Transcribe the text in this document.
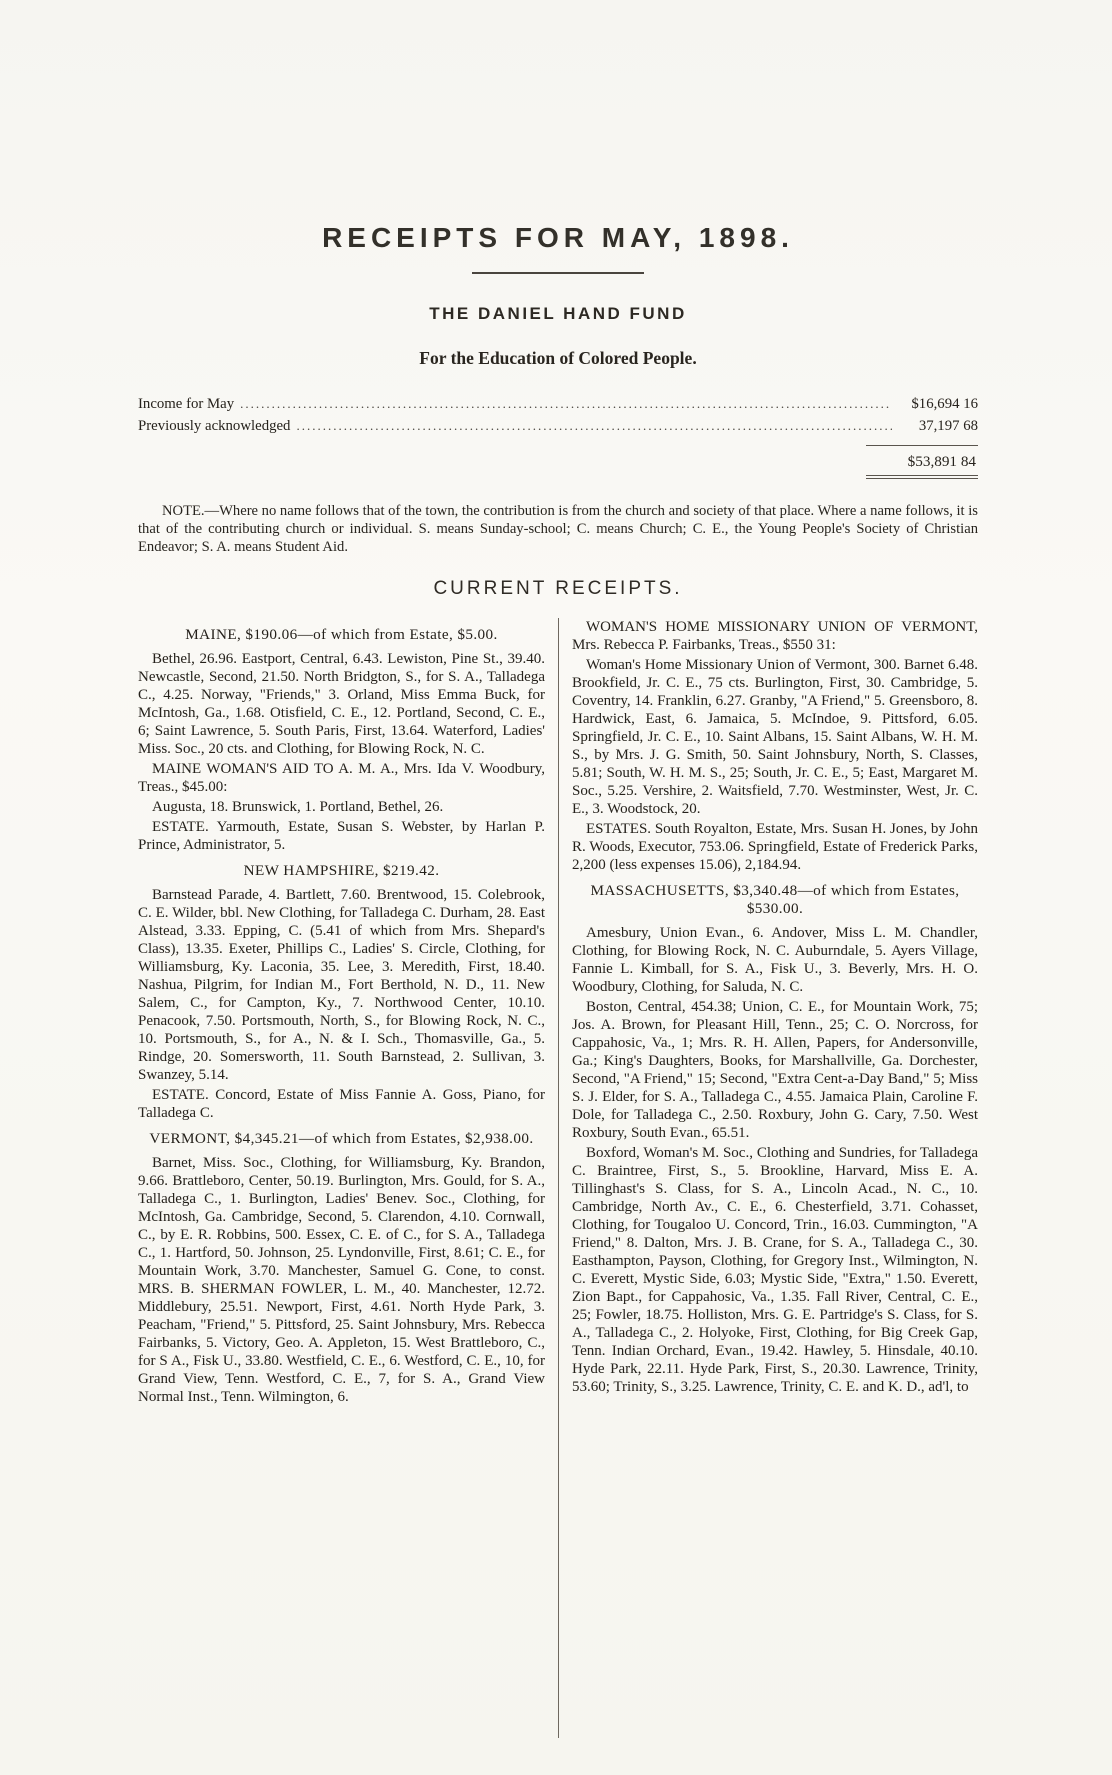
RECEIPTS FOR MAY, 1898.
THE DANIEL HAND FUND
For the Education of Colored People.
Income for May .....	$16,694 16
Previously acknowledged .....	37,197 68
$53,891 84

NOTE.—Where no name follows that of the town, the contribution is from the church and society of that place. Where a name follows, it is that of the contributing church or individual. S. means Sunday-school; C. means Church; C. E., the Young People's Society of Christian Endeavor; S. A. means Student Aid.

CURRENT RECEIPTS.

MAINE, $190.06—of which from Estate, $5.00.

Bethel, 26.96. Eastport, Central, 6.43. Lewiston, Pine St., 39.40. Newcastle, Second, 21.50. North Bridgton, S., for S. A., Talladega C., 4.25. Norway, "Friends," 3. Orland, Miss Emma Buck, for McIntosh, Ga., 1.68. Otisfield, C. E., 12. Portland, Second, C. E., 6; Saint Lawrence, 5. South Paris, First, 13.64. Waterford, Ladies' Miss. Soc., 20 cts. and Clothing, for Blowing Rock, N. C.

MAINE WOMAN'S AID TO A. M. A., Mrs. Ida V. Woodbury, Treas., $45.00:

Augusta, 18. Brunswick, 1. Portland, Bethel, 26.

ESTATE. Yarmouth, Estate, Susan S. Webster, by Harlan P. Prince, Administrator, 5.

NEW HAMPSHIRE, $219.42.

Barnstead Parade, 4. Bartlett, 7.60. Brentwood, 15. Colebrook, C. E. Wilder, bbl. New Clothing, for Talladega C. Durham, 28. East Alstead, 3.33. Epping, C. (5.41 of which from Mrs. Shepard's Class), 13.35. Exeter, Phillips C., Ladies' S. Circle, Clothing, for Williamsburg, Ky. Laconia, 35. Lee, 3. Meredith, First, 18.40. Nashua, Pilgrim, for Indian M., Fort Berthold, N. D., 11. New Salem, C., for Campton, Ky., 7. Northwood Center, 10.10. Penacook, 7.50. Portsmouth, North, S., for Blowing Rock, N. C., 10. Portsmouth, S., for A., N. & I. Sch., Thomasville, Ga., 5. Rindge, 20. Somersworth, 11. South Barnstead, 2. Sullivan, 3. Swanzey, 5.14.

ESTATE. Concord, Estate of Miss Fannie A. Goss, Piano, for Talladega C.

VERMONT, $4,345.21—of which from Estates, $2,938.00.

Barnet, Miss. Soc., Clothing, for Williamsburg, Ky. Brandon, 9.66. Brattleboro, Center, 50.19. Burlington, Mrs. Gould, for S. A., Talladega C., 1. Burlington, Ladies' Benev. Soc., Clothing, for McIntosh, Ga. Cambridge, Second, 5. Clarendon, 4.10. Cornwall, C., by E. R. Robbins, 500. Essex, C. E. of C., for S. A., Talladega C., 1. Hartford, 50. Johnson, 25. Lyndonville, First, 8.61; C. E., for Mountain Work, 3.70. Manchester, Samuel G. Cone, to const. MRS. B. SHERMAN FOWLER, L. M., 40. Manchester, 12.72. Middlebury, 25.51. Newport, First, 4.61. North Hyde Park, 3. Peacham, "Friend," 5. Pittsford, 25. Saint Johnsbury, Mrs. Rebecca Fairbanks, 5. Victory, Geo. A. Appleton, 15. West Brattleboro, C., for S A., Fisk U., 33.80. Westfield, C. E., 6. Westford, C. E., 10, for Grand View, Tenn. Westford, C. E., 7, for S. A., Grand View Normal Inst., Tenn. Wilmington, 6.

WOMAN'S HOME MISSIONARY UNION OF VERMONT, Mrs. Rebecca P. Fairbanks, Treas., $550 31:

Woman's Home Missionary Union of Vermont, 300. Barnet 6.48. Brookfield, Jr. C. E., 75 cts. Burlington, First, 30. Cambridge, 5. Coventry, 14. Franklin, 6.27. Granby, "A Friend," 5. Greensboro, 8. Hardwick, East, 6. Jamaica, 5. McIndoe, 9. Pittsford, 6.05. Springfield, Jr. C. E., 10. Saint Albans, 15. Saint Albans, W. H. M. S., by Mrs. J. G. Smith, 50. Saint Johnsbury, North, S. Classes, 5.81; South, W. H. M. S., 25; South, Jr. C. E., 5; East, Margaret M. Soc., 5.25. Vershire, 2. Waitsfield, 7.70. Westminster, West, Jr. C. E., 3. Woodstock, 20.

ESTATES. South Royalton, Estate, Mrs. Susan H. Jones, by John R. Woods, Executor, 753.06. Springfield, Estate of Frederick Parks, 2,200 (less expenses 15.06), 2,184.94.

MASSACHUSETTS, $3,340.48—of which from Estates, $530.00.

Amesbury, Union Evan., 6. Andover, Miss L. M. Chandler, Clothing, for Blowing Rock, N. C. Auburndale, 5. Ayers Village, Fannie L. Kimball, for S. A., Fisk U., 3. Beverly, Mrs. H. O. Woodbury, Clothing, for Saluda, N. C.

Boston, Central, 454.38; Union, C. E., for Mountain Work, 75; Jos. A. Brown, for Pleasant Hill, Tenn., 25; C. O. Norcross, for Cappahosic, Va., 1; Mrs. R. H. Allen, Papers, for Andersonville, Ga.; King's Daughters, Books, for Marshallville, Ga. Dorchester, Second, "A Friend," 15; Second, "Extra Cent-a-Day Band," 5; Miss S. J. Elder, for S. A., Talladega C., 4.55. Jamaica Plain, Caroline F. Dole, for Talladega C., 2.50. Roxbury, John G. Cary, 7.50. West Roxbury, South Evan., 65.51.

Boxford, Woman's M. Soc., Clothing and Sundries, for Talladega C. Braintree, First, S., 5. Brookline, Harvard, Miss E. A. Tillinghast's S. Class, for S. A., Lincoln Acad., N. C., 10. Cambridge, North Av., C. E., 6. Chesterfield, 3.71. Cohasset, Clothing, for Tougaloo U. Concord, Trin., 16.03. Cummington, "A Friend," 8. Dalton, Mrs. J. B. Crane, for S. A., Talladega C., 30. Easthampton, Payson, Clothing, for Gregory Inst., Wilmington, N. C. Everett, Mystic Side, 6.03; Mystic Side, "Extra," 1.50. Everett, Zion Bapt., for Cappahosic, Va., 1.35. Fall River, Central, C. E., 25; Fowler, 18.75. Holliston, Mrs. G. E. Partridge's S. Class, for S. A., Talladega C., 2. Holyoke, First, Clothing, for Big Creek Gap, Tenn. Indian Orchard, Evan., 19.42. Hawley, 5. Hinsdale, 40.10. Hyde Park, 22.11. Hyde Park, First, S., 20.30. Lawrence, Trinity, 53.60; Trinity, S., 3.25. Lawrence, Trinity, C. E. and K. D., ad'l, to
